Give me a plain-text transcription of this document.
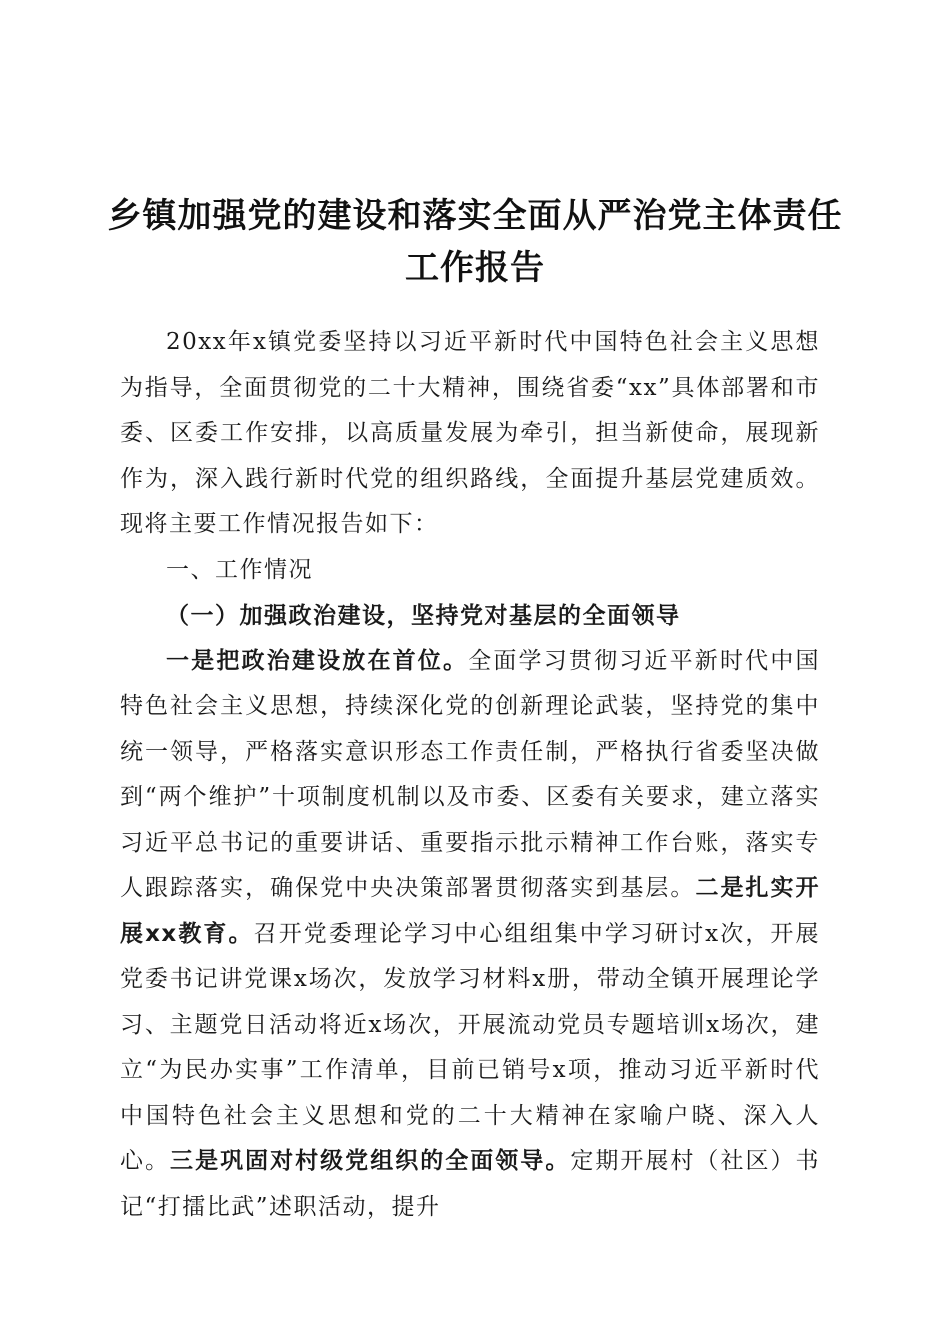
乡镇加强党的建设和落实全面从严治党主体责任工作报告

20xx年x镇党委坚持以习近平新时代中国特色社会主义思想为指导，全面贯彻党的二十大精神，围绕省委“xx”具体部署和市委、区委工作安排，以高质量发展为牵引，担当新使命，展现新作为，深入践行新时代党的组织路线，全面提升基层党建质效。现将主要工作情况报告如下：

一、工作情况

（一）加强政治建设，坚持党对基层的全面领导

一是把政治建设放在首位。全面学习贯彻习近平新时代中国特色社会主义思想，持续深化党的创新理论武装，坚持党的集中统一领导，严格落实意识形态工作责任制，严格执行省委坚决做到“两个维护”十项制度机制以及市委、区委有关要求，建立落实习近平总书记的重要讲话、重要指示批示精神工作台账，落实专人跟踪落实，确保党中央决策部署贯彻落实到基层。二是扎实开展xx教育。召开党委理论学习中心组组集中学习研讨x次，开展党委书记讲党课x场次，发放学习材料x册，带动全镇开展理论学习、主题党日活动将近x场次，开展流动党员专题培训x场次，建立“为民办实事”工作清单，目前已销号x项，推动习近平新时代中国特色社会主义思想和党的二十大精神在家喻户晓、深入人心。三是巩固对村级党组织的全面领导。定期开展村（社区）书记“打擂比武”述职活动，提升
